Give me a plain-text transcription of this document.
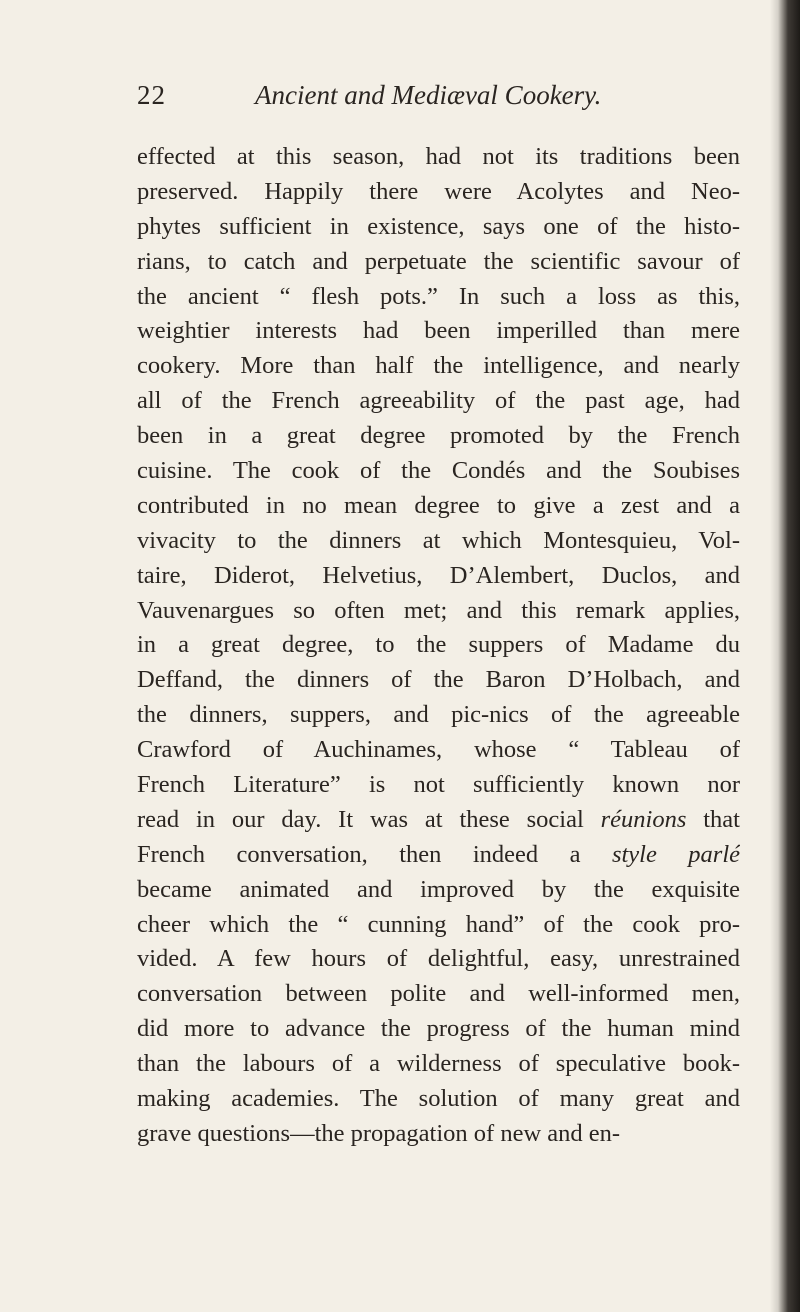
22	Ancient and Mediæval Cookery.
effected at this season, had not its traditions been
preserved. Happily there were Acolytes and Neo-
phytes sufficient in existence, says one of the histo-
rians, to catch and perpetuate the scientific savour of
the ancient “ flesh pots.” In such a loss as this,
weightier interests had been imperilled than mere
cookery. More than half the intelligence, and nearly
all of the French agreeability of the past age, had
been in a great degree promoted by the French
cuisine. The cook of the Condés and the Soubises
contributed in no mean degree to give a zest and a
vivacity to the dinners at which Montesquieu, Vol-
taire, Diderot, Helvetius, D’Alembert, Duclos, and
Vauvenargues so often met; and this remark applies,
in a great degree, to the suppers of Madame du
Deffand, the dinners of the Baron D’Holbach, and
the dinners, suppers, and pic-nics of the agreeable
Crawford of Auchinames, whose “ Tableau of
French Literature” is not sufficiently known nor
read in our day. It was at these social réunions that
French conversation, then indeed a style parlé
became animated and improved by the exquisite
cheer which the “ cunning hand” of the cook pro-
vided. A few hours of delightful, easy, unrestrained
conversation between polite and well-informed men,
did more to advance the progress of the human mind
than the labours of a wilderness of speculative book-
making academies. The solution of many great and
grave questions—the propagation of new and en-
